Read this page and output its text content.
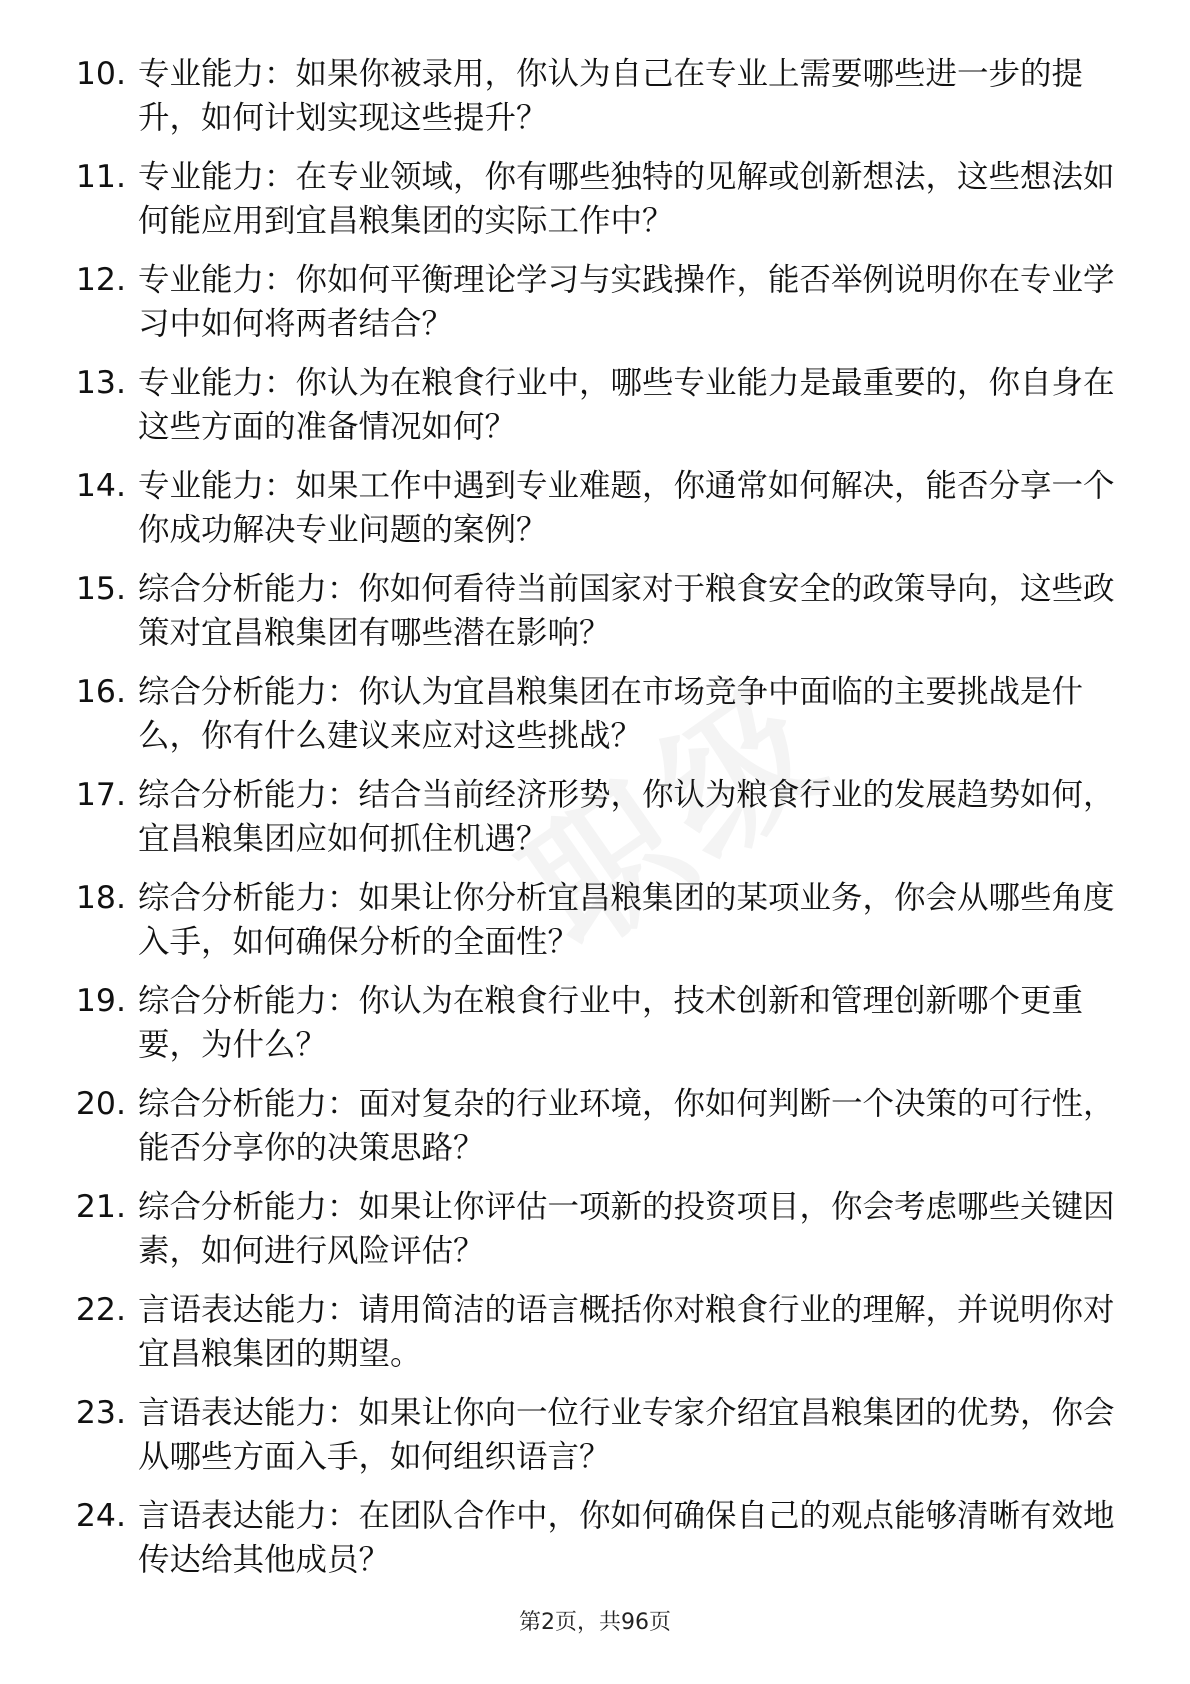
10. 专业能力：如果你被录用，你认为自己在专业上需要哪些进一步的提升，如何计划实现这些提升？
11. 专业能力：在专业领域，你有哪些独特的见解或创新想法，这些想法如何能应用到宜昌粮集团的实际工作中？
12. 专业能力：你如何平衡理论学习与实践操作，能否举例说明你在专业学习中如何将两者结合？
13. 专业能力：你认为在粮食行业中，哪些专业能力是最重要的，你自身在这些方面的准备情况如何？
14. 专业能力：如果工作中遇到专业难题，你通常如何解决，能否分享一个你成功解决专业问题的案例？
15. 综合分析能力：你如何看待当前国家对于粮食安全的政策导向，这些政策对宜昌粮集团有哪些潜在影响？
16. 综合分析能力：你认为宜昌粮集团在市场竞争中面临的主要挑战是什么，你有什么建议来应对这些挑战？
17. 综合分析能力：结合当前经济形势，你认为粮食行业的发展趋势如何，宜昌粮集团应如何抓住机遇？
18. 综合分析能力：如果让你分析宜昌粮集团的某项业务，你会从哪些角度入手，如何确保分析的全面性？
19. 综合分析能力：你认为在粮食行业中，技术创新和管理创新哪个更重要，为什么？
20. 综合分析能力：面对复杂的行业环境，你如何判断一个决策的可行性，能否分享你的决策思路？
21. 综合分析能力：如果让你评估一项新的投资项目，你会考虑哪些关键因素，如何进行风险评估？
22. 言语表达能力：请用简洁的语言概括你对粮食行业的理解，并说明你对宜昌粮集团的期望。
23. 言语表达能力：如果让你向一位行业专家介绍宜昌粮集团的优势，你会从哪些方面入手，如何组织语言？
24. 言语表达能力：在团队合作中，你如何确保自己的观点能够清晰有效地传达给其他成员？
第2页，共96页
